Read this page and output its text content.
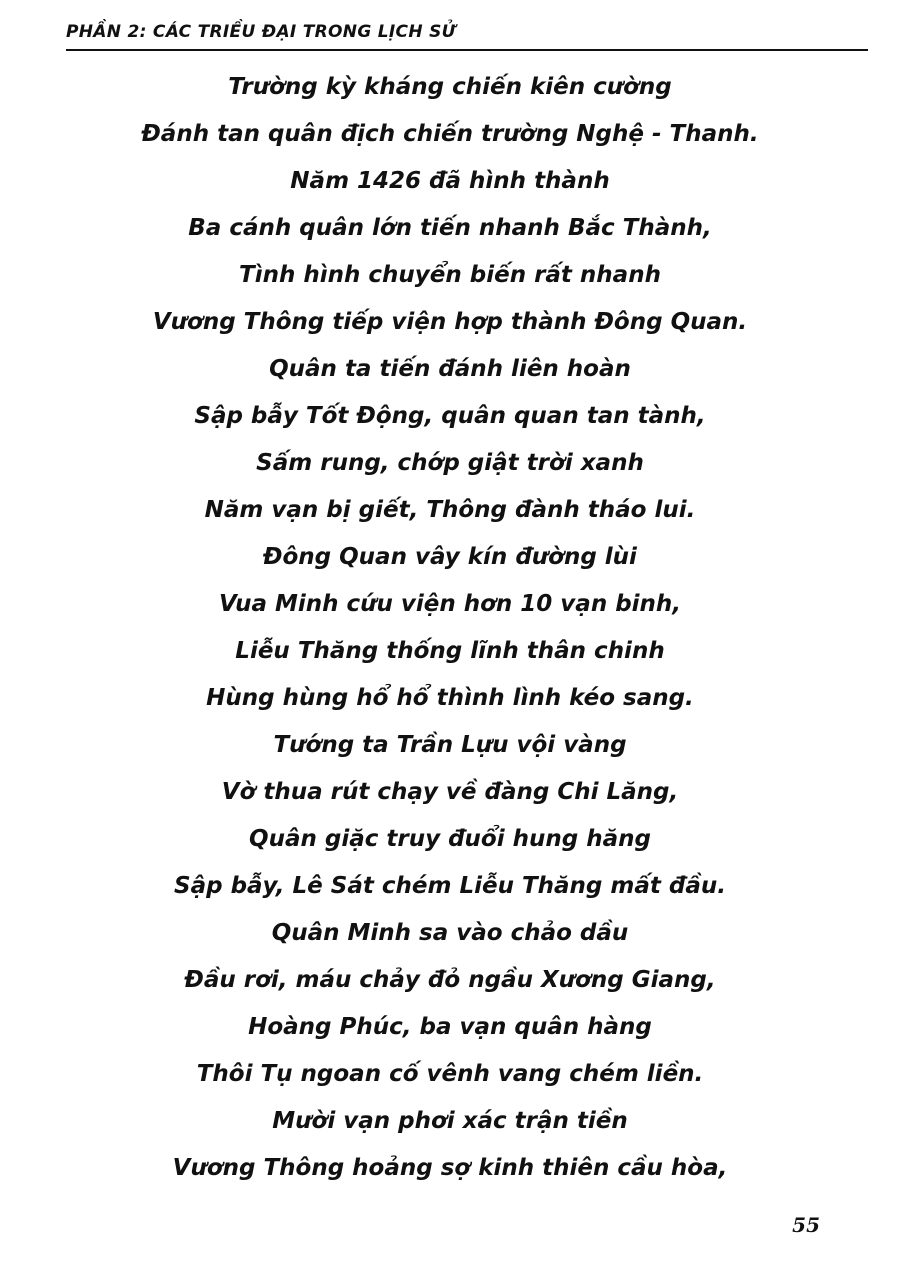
PHẦN 2: CÁC TRIỀU ĐẠI TRONG LỊCH SỬ
Trường kỳ kháng chiến kiên cường
Đánh tan quân địch chiến trường Nghệ - Thanh.
Năm 1426 đã hình thành
Ba cánh quân lớn tiến nhanh Bắc Thành,
Tình hình chuyển biến rất nhanh
Vương Thông tiếp viện hợp thành Đông Quan.
Quân ta tiến đánh liên hoàn
Sập bẫy Tốt Động, quân quan tan tành,
Sấm rung, chớp giật trời xanh
Năm vạn bị giết, Thông đành tháo lui.
Đông Quan vây kín đường lùi
Vua Minh cứu viện hơn 10 vạn binh,
Liễu Thăng thống lĩnh thân chinh
Hùng hùng hổ hổ thình lình kéo sang.
Tướng ta Trần Lựu vội vàng
Vờ thua rút chạy về đàng Chi Lăng,
Quân giặc truy đuổi hung hăng
Sập bẫy, Lê Sát chém Liễu Thăng mất đầu.
Quân Minh sa vào chảo dầu
Đầu rơi, máu chảy đỏ ngầu Xương Giang,
Hoàng Phúc, ba vạn quân hàng
Thôi Tụ ngoan cố vênh vang chém liền.
Mười vạn phơi xác trận tiền
Vương Thông hoảng sợ kinh thiên cầu hòa,
55
